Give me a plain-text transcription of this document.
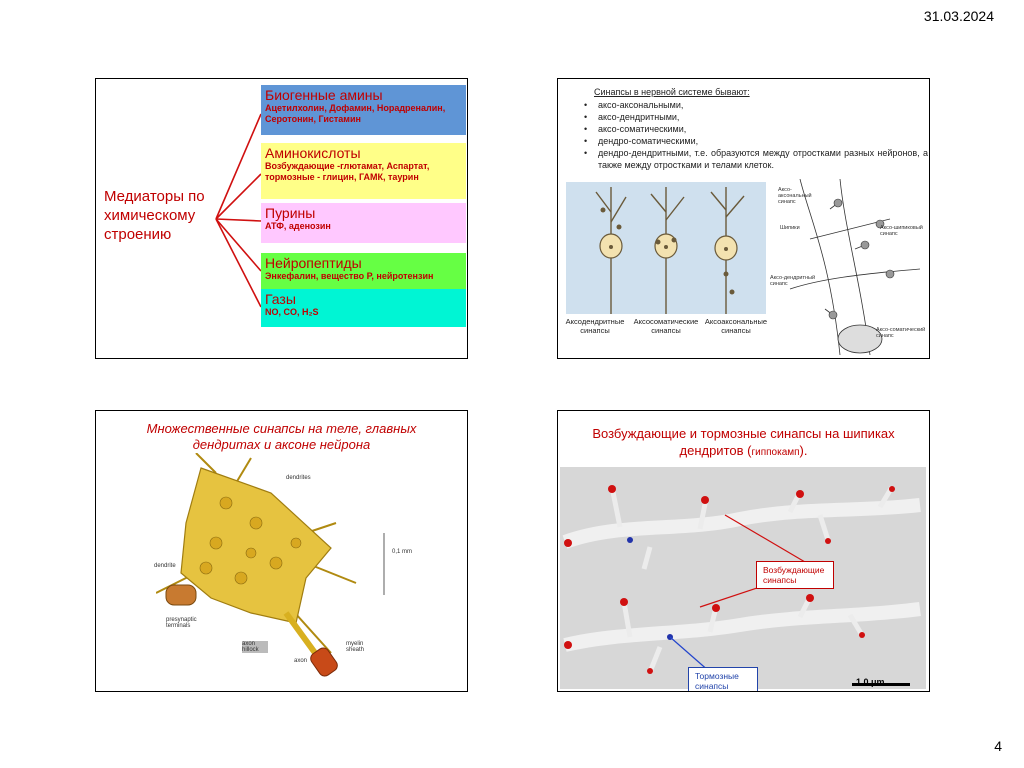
31.03.2024
Медиаторы по химическому строению
Биогенные амины
Ацетилхолин, Дофамин, Норадреналин, Серотонин, Гистамин
Аминокислоты
Возбуждающие -глютамат, Аспартат, тормозные - глицин, ГАМК, таурин
Пурины
АТФ, аденозин
Нейропептиды
Энкефалин, вещество Р, нейротензин
Газы
NO, CO, H₂S
Синапсы в нервной системе бывают:
• аксо-аксональными,
• аксо-дендритными,
• аксо-соматическими,
• дендро-соматическими,
• дендро-дендритными, т.е. образуются между отростками разных нейронов, а также между отростками и телами клеток.
Аксодендритные синапсы
Аксосоматические синапсы
Аксоаксональные синапсы
Аксо-аксональный синапс
Шипики	Аксо-шипиковый синапс
Аксо-дендритный синапс
Аксо-соматический синапс
Множественные синапсы на теле, главных дендритах и аксоне нейрона
dendrites
0,1 mm
dendrite
presynaptic terminals
axon hillock
myelin sheath
axon
Возбуждающие и тормозные синапсы на шипиках дендритов (гиппокамп).
Возбуждающие синапсы
Тормозные синапсы	1.0 μm
4
